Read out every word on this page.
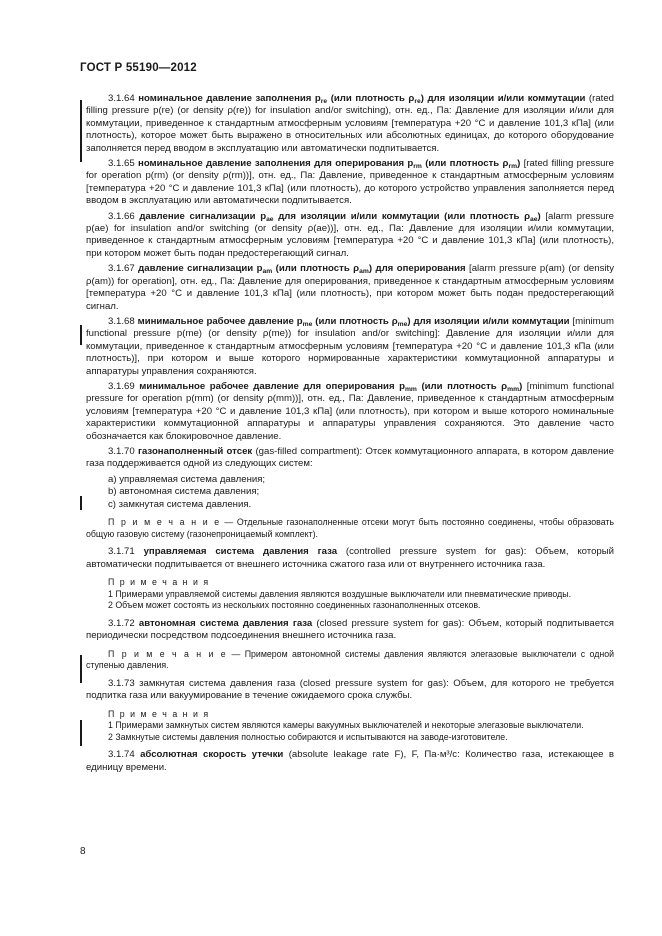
ГОСТ Р 55190—2012
3.1.64 номинальное давление заполнения $p_{re}$ (или плотность $\rho_{re}$) для изоляции и/или коммутации (rated filling pressure p(re) (or density ρ(re)) for insulation and/or switching), отн. ед., Па: Давление для изоляции и/или для коммутации, приведенное к стандартным атмосферным условиям [температура +20 °С и давление 101,3 кПа] (или плотность), которое может быть выражено в относительных или абсолютных единицах, до которого оборудование заполняется перед вводом в эксплуатацию или автоматически подпитывается.
3.1.65 номинальное давление заполнения для оперирования $p_{rm}$ (или плотность $\rho_{rm}$) [rated filling pressure for operation p(rm) (or density ρ(rm))], отн. ед., Па: Давление, приведенное к стандартным атмосферным условиям [температура +20 °С и давление 101,3 кПа] (или плотность), до которого устройство управления заполняется перед вводом в эксплуатацию или автоматически подпитывается.
3.1.66 давление сигнализации $p_{ae}$ для изоляции и/или коммутации (или плотность $\rho_{ae}$) [alarm pressure p(ae) for insulation and/or switching (or density ρ(ae))], отн. ед., Па: Давление для изоляции и/или коммутации, приведенное к стандартным атмосферным условиям [температура +20 °С и давление 101,3 кПа] (или плотность), при котором может быть подан предостерегающий сигнал.
3.1.67 давление сигнализации $p_{am}$ (или плотность $\rho_{am}$) для оперирования [alarm pressure p(am) (or density ρ(am)) for operation], отн. ед., Па: Давление для оперирования, приведенное к стандартным атмосферным условиям [температура +20 °С и давление 101,3 кПа] (или плотность), при котором может быть подан предостерегающий сигнал.
3.1.68 минимальное рабочее давление $p_{me}$ (или плотность $\rho_{me}$) для изоляции и/или коммутации [minimum functional pressure p(me) (or density ρ(me)) for insulation and/or switching]: Давление для изоляции и/или для коммутации, приведенное к стандартным атмосферным условиям [температура +20 °С и давление 101,3 кПа (или плотность)], при котором и выше которого нормированные характеристики коммутационной аппаратуры и аппаратуры управления сохраняются.
3.1.69 минимальное рабочее давление для оперирования $p_{mm}$ (или плотность $\rho_{mm}$) [minimum functional pressure for operation p(mm) (or density ρ(mm))], отн. ед., Па: Давление, приведенное к стандартным атмосферным условиям [температура +20 °С и давление 101,3 кПа] (или плотность), при котором и выше которого номинальные характеристики коммутационной аппаратуры и аппаратуры управления сохраняются. Это давление часто обозначается как блокировочное давление.
3.1.70 газонаполненный отсек (gas-filled compartment): Отсек коммутационного аппарата, в котором давление газа поддерживается одной из следующих систем:
a) управляемая система давления;
b) автономная система давления;
c) замкнутая система давления.
П р и м е ч а н и е — Отдельные газонаполненные отсеки могут быть постоянно соединены, чтобы образовать общую газовую систему (газонепроницаемый комплект).
3.1.71 управляемая система давления газа (controlled pressure system for gas): Объем, который автоматически подпитывается от внешнего источника сжатого газа или от внутреннего источника газа.
П р и м е ч а н и я
1 Примерами управляемой системы давления являются воздушные выключатели или пневматические приводы.
2 Объем может состоять из нескольких постоянно соединенных газонаполненных отсеков.
3.1.72 автономная система давления газа (closed pressure system for gas): Объем, который подпитывается периодически посредством подсоединения внешнего источника газа.
П р и м е ч а н и е — Примером автономной системы давления являются элегазовые выключатели с одной ступенью давления.
3.1.73 замкнутая система давления газа (closed pressure system for gas): Объем, для которого не требуется подпитка газа или вакуумирование в течение ожидаемого срока службы.
П р и м е ч а н и я
1 Примерами замкнутых систем являются камеры вакуумных выключателей и некоторые элегазовые выключатели.
2 Замкнутые системы давления полностью собираются и испытываются на заводе-изготовителе.
3.1.74 абсолютная скорость утечки (absolute leakage rate F), F, Па·м³/с: Количество газа, истекающее в единицу времени.
8
